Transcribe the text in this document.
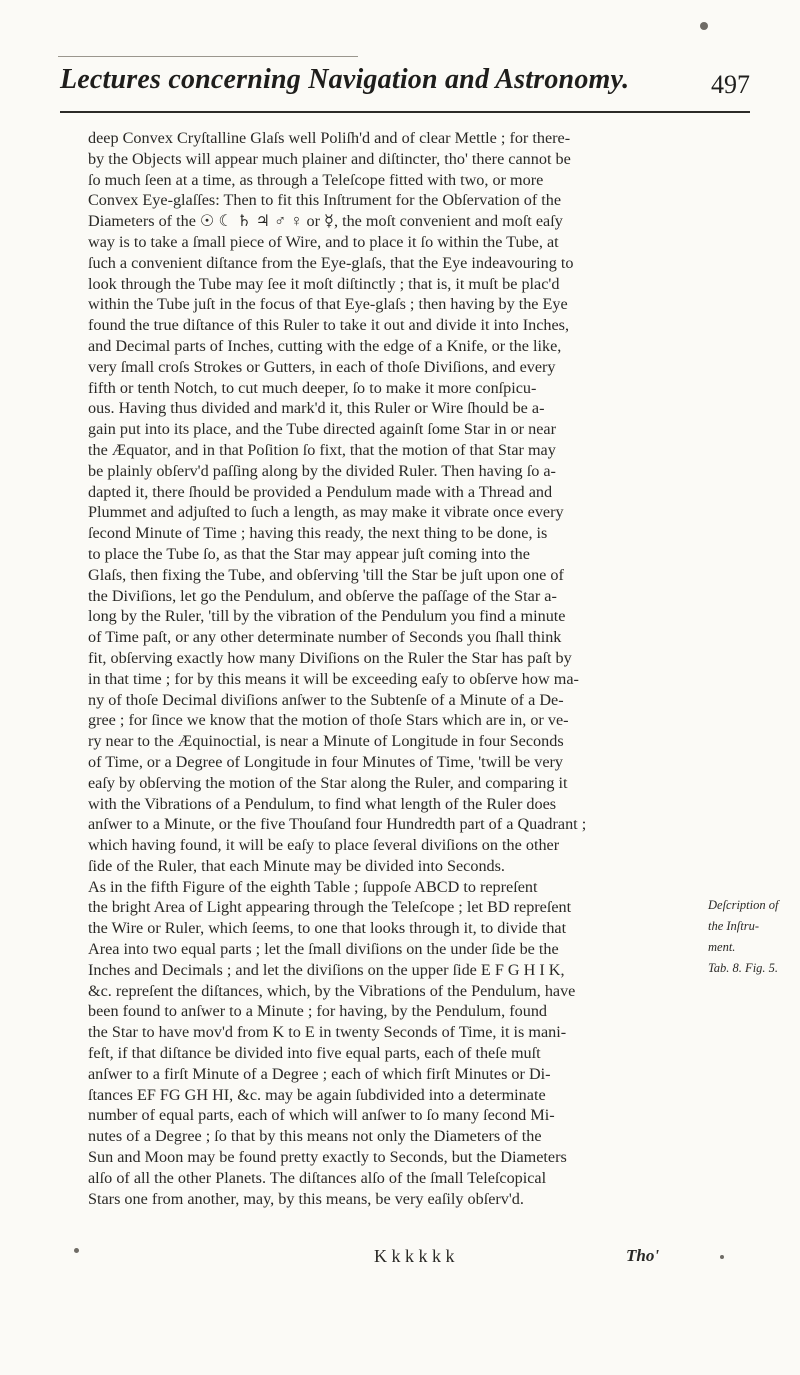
Lectures concerning Navigation and Astronomy.	497
deep Convex Cryſtalline Glaſs well Poliſh'd and of clear Mettle ; for there-
by the Objects will appear much plainer and diſtincter, tho' there cannot be
ſo much ſeen at a time, as through a Teleſcope fitted with two, or more
Convex Eye-glaſſes: Then to fit this Inſtrument for the Obſervation of the
Diameters of the ☉ ☾ ♄ ♃ ♂ ♀ or ☿, the moſt convenient and moſt eaſy
way is to take a ſmall piece of Wire, and to place it ſo within the Tube, at
ſuch a convenient diſtance from the Eye-glaſs, that the Eye indeavouring to
look through the Tube may ſee it moſt diſtinctly ; that is, it muſt be plac'd
within the Tube juſt in the focus of that Eye-glaſs ; then having by the Eye
found the true diſtance of this Ruler to take it out and divide it into Inches,
and Decimal parts of Inches, cutting with the edge of a Knife, or the like,
very ſmall croſs Strokes or Gutters, in each of thoſe Diviſions, and every
fifth or tenth Notch, to cut much deeper, ſo to make it more conſpicu-
ous. Having thus divided and mark'd it, this Ruler or Wire ſhould be a-
gain put into its place, and the Tube directed againſt ſome Star in or near
the Æquator, and in that Poſition ſo fixt, that the motion of that Star may
be plainly obſerv'd paſſing along by the divided Ruler. Then having ſo a-
dapted it, there ſhould be provided a Pendulum made with a Thread and
Plummet and adjuſted to ſuch a length, as may make it vibrate once every
ſecond Minute of Time ; having this ready, the next thing to be done, is
to place the Tube ſo, as that the Star may appear juſt coming into the
Glaſs, then fixing the Tube, and obſerving 'till the Star be juſt upon one of
the Diviſions, let go the Pendulum, and obſerve the paſſage of the Star a-
long by the Ruler, 'till by the vibration of the Pendulum you find a minute
of Time paſt, or any other determinate number of Seconds you ſhall think
fit, obſerving exactly how many Diviſions on the Ruler the Star has paſt by
in that time ; for by this means it will be exceeding eaſy to obſerve how ma-
ny of thoſe Decimal diviſions anſwer to the Subtenſe of a Minute of a De-
gree ; for ſince we know that the motion of thoſe Stars which are in, or ve-
ry near to the Æquinoctial, is near a Minute of Longitude in four Seconds
of Time, or a Degree of Longitude in four Minutes of Time, 'twill be very
eaſy by obſerving the motion of the Star along the Ruler, and comparing it
with the Vibrations of a Pendulum, to find what length of the Ruler does
anſwer to a Minute, or the five Thouſand four Hundredth part of a Quadrant ;
which having found, it will be eaſy to place ſeveral diviſions on the other
ſide of the Ruler, that each Minute may be divided into Seconds.
As in the fifth Figure of the eighth Table ; ſuppoſe ABCD to repreſent
the bright Area of Light appearing through the Teleſcope ; let BD repreſent
the Wire or Ruler, which ſeems, to one that looks through it, to divide that
Area into two equal parts ; let the ſmall diviſions on the under ſide be the
Inches and Decimals ; and let the diviſions on the upper ſide E F G H I K,
&c. repreſent the diſtances, which, by the Vibrations of the Pendulum, have
been found to anſwer to a Minute ; for having, by the Pendulum, found
the Star to have mov'd from K to E in twenty Seconds of Time, it is mani-
feſt, if that diſtance be divided into five equal parts, each of theſe muſt
anſwer to a firſt Minute of a Degree ; each of which firſt Minutes or Di-
ſtances EF FG GH HI, &c. may be again ſubdivided into a determinate
number of equal parts, each of which will anſwer to ſo many ſecond Mi-
nutes of a Degree ; ſo that by this means not only the Diameters of the
Sun and Moon may be found pretty exactly to Seconds, but the Diameters
alſo of all the other Planets. The diſtances alſo of the ſmall Teleſcopical
Stars one from another, may, by this means, be very eaſily obſerv'd.
Deſcription of
the Inſtru-
ment.
Tab. 8. Fig. 5.
K k k k k k	Tho'
